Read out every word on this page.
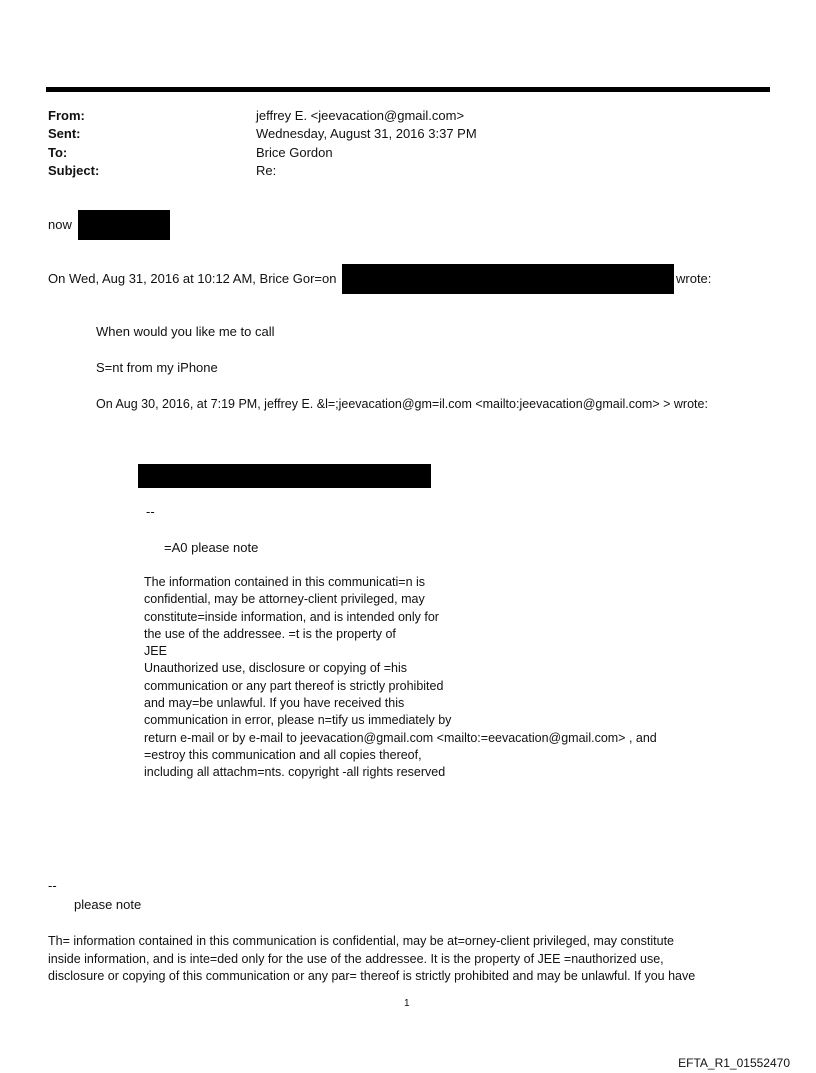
From:	jeffrey E. <jeevacation@gmail.com>
Sent:	Wednesday, August 31, 2016 3:37 PM
To:	Brice Gordon
Subject:	Re:
now
On Wed, Aug 31, 2016 at 10:12 AM, Brice Gor=on	wrote:
When would you like me to call
S=nt from my iPhone
On Aug 30, 2016, at 7:19 PM, jeffrey E. &l=;jeevacation@gm=il.com <mailto:jeevacation@gmail.com> > wrote:
--
=A0 please note
The information contained in this communicati=n is
confidential, may be attorney-client privileged, may
constitute=inside information, and is intended only for
the use of the addressee. =t is the property of
JEE
Unauthorized use, disclosure or copying of =his
communication or any part thereof is strictly prohibited
and may=be unlawful. If you have received this
communication in error, please n=tify us immediately by
return e-mail or by e-mail to jeevacation@gmail.com <mailto:=eevacation@gmail.com> , and
=estroy this communication and all copies thereof,
including all attachm=nts. copyright -all rights reserved
--
please note
Th= information contained in this communication is confidential, may be at=orney-client privileged, may constitute
inside information, and is inte=ded only for the use of the addressee. It is the property of JEE =nauthorized use,
disclosure or copying of this communication or any par= thereof is strictly prohibited and may be unlawful. If you have
1
EFTA_R1_01552470
